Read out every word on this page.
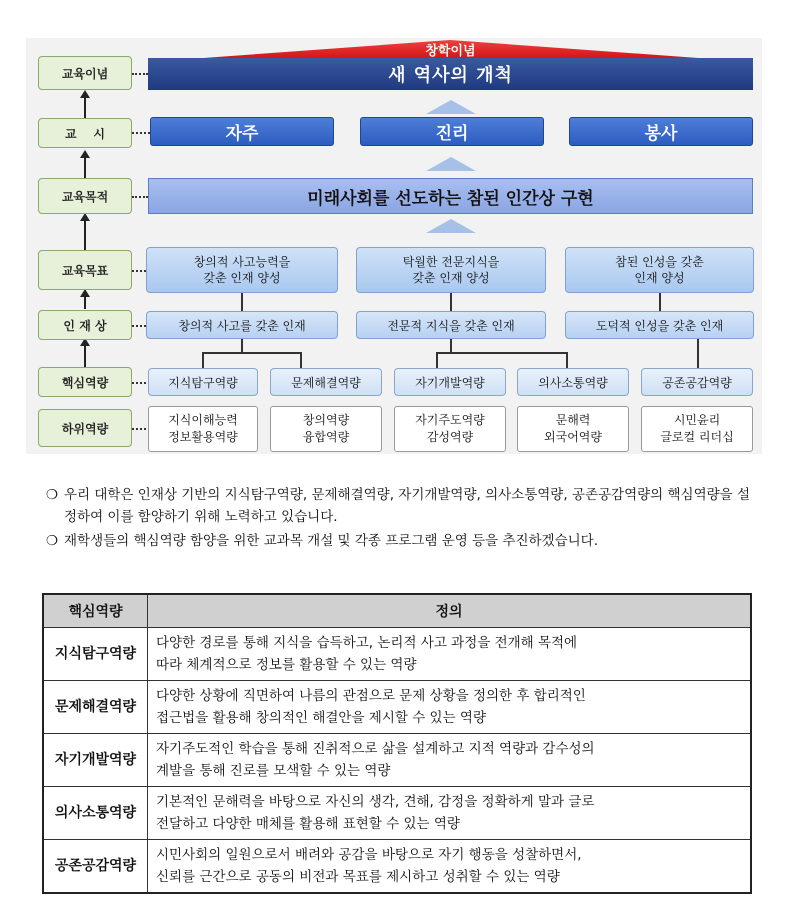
교육이념
교    시
교육목적
교육목표
인 재 상
핵심역량
하위역량
창학이념
새 역사의 개척
자주	진리	봉사
미래사회를 선도하는 참된 인간상 구현
창의적 사고능력을
갖춘 인재 양성
탁월한 전문지식을
갖춘 인재 양성
참된 인성을 갖춘
인재 양성
창의적 사고를 갖춘 인재	전문적 지식을 갖춘 인재	도덕적 인성을 갖춘 인재
지식탐구역량	문제해결역량	자기개발역량	의사소통역량	공존공감역량
지식이해능력
정보활용역량
창의역량
융합역량
자기주도역량
감성역량
문해력
외국어역량
시민윤리
글로컬 리더십

❍ 우리 대학은 인재상 기반의 지식탐구역량, 문제해결역량, 자기개발역량, 의사소통역량, 공존공감역량의 핵심역량을 설정하여 이를 함양하기 위해 노력하고 있습니다.

❍ 재학생들의 핵심역량 함양을 위한 교과목 개설 및 각종 프로그램 운영 등을 추진하겠습니다.

핵심역량	정의
지식탐구역량	다양한 경로를 통해 지식을 습득하고, 논리적 사고 과정을 전개해 목적에
따라 체계적으로 정보를 활용할 수 있는 역량
문제해결역량	다양한 상황에 직면하여 나름의 관점으로 문제 상황을 정의한 후 합리적인
접근법을 활용해 창의적인 해결안을 제시할 수 있는 역량
자기개발역량	자기주도적인 학습을 통해 진취적으로 삶을 설계하고 지적 역량과 감수성의
계발을 통해 진로를 모색할 수 있는 역량
의사소통역량	기본적인 문해력을 바탕으로 자신의 생각, 견해, 감정을 정확하게 말과 글로
전달하고 다양한 매체를 활용해 표현할 수 있는 역량
공존공감역량	시민사회의 일원으로서 배려와 공감을 바탕으로 자기 행동을 성찰하면서,
신뢰를 근간으로 공동의 비전과 목표를 제시하고 성취할 수 있는 역량
